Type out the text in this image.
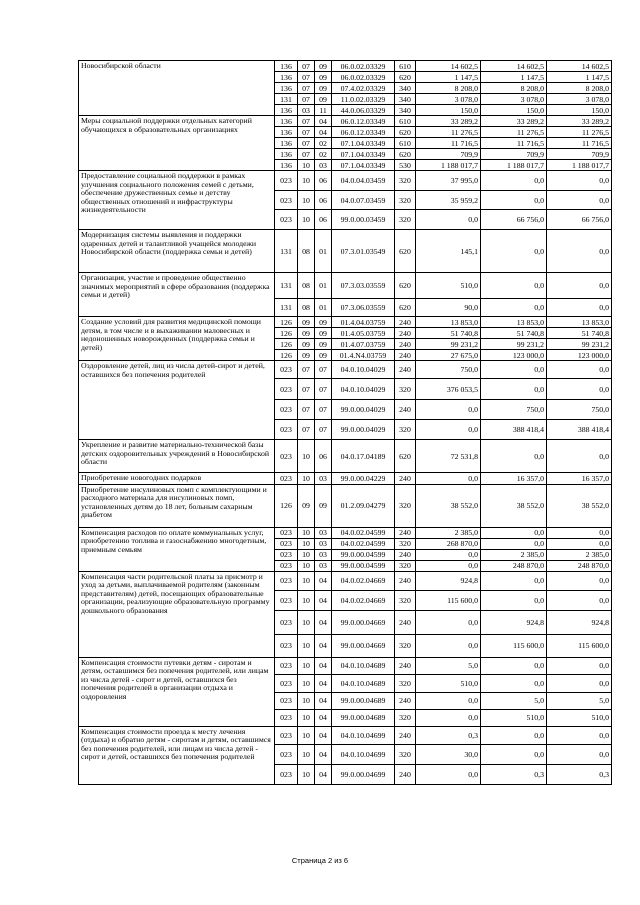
Новосибирской области	136	07	09	06.0.02.03329	610	14 602,5	14 602,5	14 602,5
	136	07	09	06.0.02.03329	620	1 147,5	1 147,5	1 147,5
	136	07	09	07.4.02.03329	340	8 208,0	8 208,0	8 208,0
	131	07	09	11.0.02.03329	340	3 078,0	3 078,0	3 078,0
	136	03	11	44.0.06.03329	340	150,0	150,0	150,0
Меры социальной поддержки отдельных категорий обучающихся в образовательных организациях	136	07	04	06.0.12.03349	610	33 289,2	33 289,2	33 289,2
	136	07	04	06.0.12.03349	620	11 276,5	11 276,5	11 276,5
	136	07	02	07.1.04.03349	610	11 716,5	11 716,5	11 716,5
	136	07	02	07.1.04.03349	620	709,9	709,9	709,9
	136	10	03	07.1.04.03349	530	1 188 017,7	1 188 017,7	1 188 017,7
Предоставление социальной поддержки в рамках улучшения социального положения семей с детьми, обеспечение дружественных семье и детству общественных отношений и инфраструктуры жизнедеятельности	023	10	06	04.0.04.03459	320	37 995,0	0,0	0,0
	023	10	06	04.0.07.03459	320	35 959,2	0,0	0,0
	023	10	06	99.0.00.03459	320	0,0	66 756,0	66 756,0
Модернизация системы выявления и поддержки одаренных детей и талантливой учащейся молодежи Новосибирской области (поддержка семьи и детей)	131	08	01	07.3.01.03549	620	145,1	0,0	0,0
Организация, участие и проведение общественно значимых мероприятий в сфере образования (поддержка семьи и детей)	131	08	01	07.3.03.03559	620	510,0	0,0	0,0
	131	08	01	07.3.06.03559	620	90,0	0,0	0,0
Создание условий для развития медицинской помощи детям, в том числе и в выхаживании маловесных и недоношенных новорожденных (поддержка семьи и детей)	126	09	09	01.4.04.03759	240	13 853,0	13 853,0	13 853,0
	126	09	09	01.4.05.03759	240	51 740,8	51 740,8	51 740,8
	126	09	09	01.4.07.03759	240	99 231,2	99 231,2	99 231,2
	126	09	09	01.4.N4.03759	240	27 675,0	123 000,0	123 000,0
Оздоровление детей, лиц из числа детей-сирот и детей, оставшихся без попечения родителей	023	07	07	04.0.10.04029	240	750,0	0,0	0,0
	023	07	07	04.0.10.04029	320	376 053,5	0,0	0,0
	023	07	07	99.0.00.04029	240	0,0	750,0	750,0
	023	07	07	99.0.00.04029	320	0,0	388 418,4	388 418,4
Укрепление и развитие материально-технической базы детских оздоровительных учреждений в Новосибирской области	023	10	06	04.0.17.04189	620	72 531,8	0,0	0,0
Приобретение новогодних подарков	023	10	03	99.0.00.04229	240	0,0	16 357,0	16 357,0
Приобретение инсулиновых помп с комплектующими и расходного материала для инсулиновых помп, установленных детям до 18 лет, больным сахарным диабетом	126	09	09	01.2.09.04279	320	38 552,0	38 552,0	38 552,0
Компенсация расходов по оплате коммунальных услуг, приобретению топлива и газоснабжению многодетным, приемным семьям	023	10	03	04.0.02.04599	240	2 385,0	0,0	0,0
	023	10	03	04.0.02.04599	320	268 870,0	0,0	0,0
	023	10	03	99.0.00.04599	240	0,0	2 385,0	2 385,0
	023	10	03	99.0.00.04599	320	0,0	248 870,0	248 870,0
Компенсация части родительской платы за присмотр и уход за детьми, выплачиваемой родителям (законным представителям) детей, посещающих образовательные организации, реализующие образовательную программу дошкольного образования	023	10	04	04.0.02.04669	240	924,8	0,0	0,0
	023	10	04	04.0.02.04669	320	115 600,0	0,0	0,0
	023	10	04	99.0.00.04669	240	0,0	924,8	924,8
	023	10	04	99.0.00.04669	320	0,0	115 600,0	115 600,0
Компенсация стоимости путевки детям - сиротам и детям, оставшимся без попечения родителей, или лицам из числа детей - сирот и детей, оставшихся без попечения родителей в организации отдыха и оздоровления	023	10	04	04.0.10.04689	240	5,0	0,0	0,0
	023	10	04	04.0.10.04689	320	510,0	0,0	0,0
	023	10	04	99.0.00.04689	240	0,0	5,0	5,0
	023	10	04	99.0.00.04689	320	0,0	510,0	510,0
Компенсация стоимости проезда к месту лечения (отдыха) и обратно детям - сиротам и детям, оставшимся без попечения родителей, или лицам из числа детей - сирот и детей, оставшихся без попечения родителей	023	10	04	04.0.10.04699	240	0,3	0,0	0,0
	023	10	04	04.0.10.04699	320	30,0	0,0	0,0
	023	10	04	99.0.00.04699	240	0,0	0,3	0,3
Страница 2 из 6
